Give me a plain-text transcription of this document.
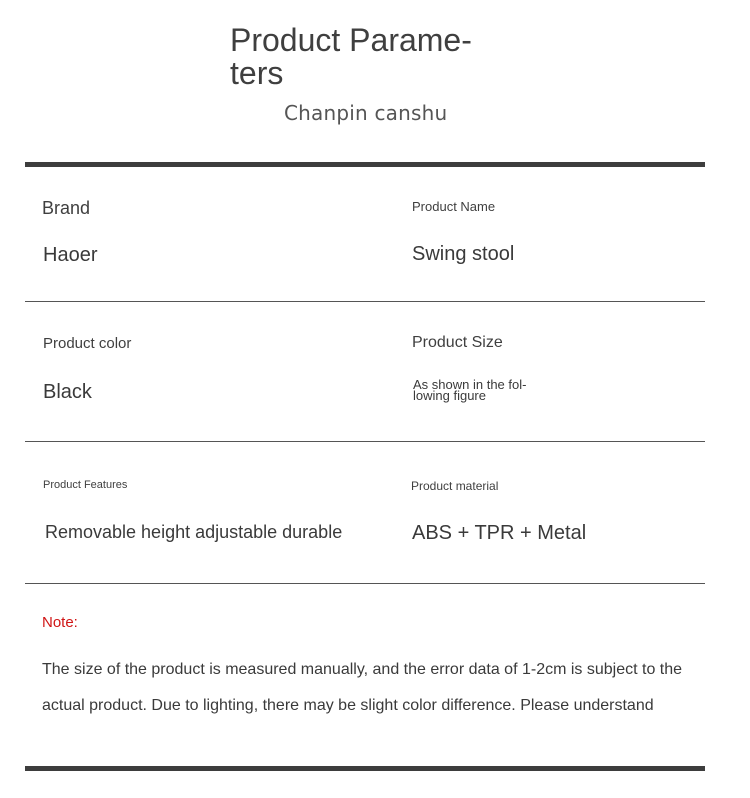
Product Parame- ters
Chanpin canshu
Brand
Haoer
Product Name
Swing stool
Product color
Black
Product Size
As shown in the fol- lowing figure
Product Features
Removable height adjustable durable
Product material
ABS + TPR + Metal
Note:
The size of the product is measured manually, and the error data of 1-2cm is subject to the
actual product. Due to lighting, there may be slight color difference. Please understand
